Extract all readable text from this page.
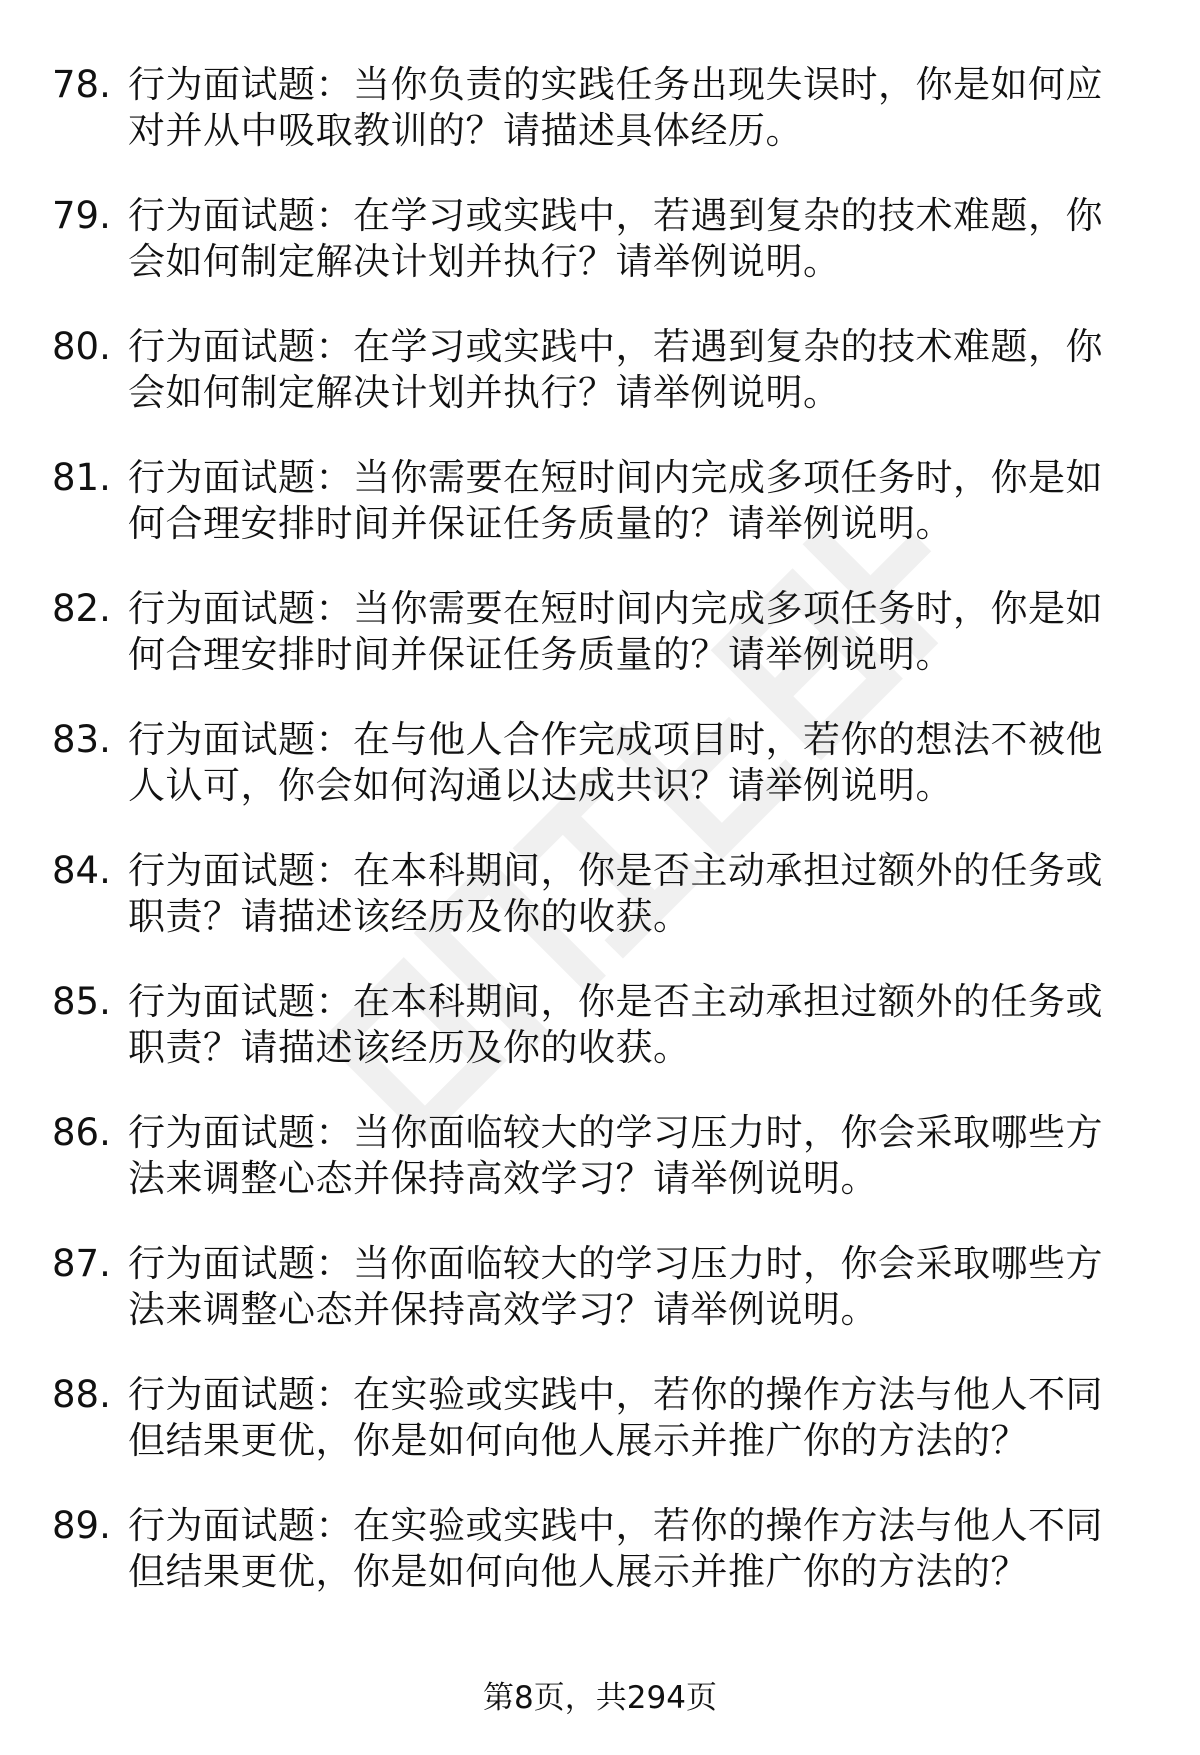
78. 行为面试题：当你负责的实践任务出现失误时，你是如何应对并从中吸取教训的？请描述具体经历。
79. 行为面试题：在学习或实践中，若遇到复杂的技术难题，你会如何制定解决计划并执行？请举例说明。
80. 行为面试题：在学习或实践中，若遇到复杂的技术难题，你会如何制定解决计划并执行？请举例说明。
81. 行为面试题：当你需要在短时间内完成多项任务时，你是如何合理安排时间并保证任务质量的？请举例说明。
82. 行为面试题：当你需要在短时间内完成多项任务时，你是如何合理安排时间并保证任务质量的？请举例说明。
83. 行为面试题：在与他人合作完成项目时，若你的想法不被他人认可，你会如何沟通以达成共识？请举例说明。
84. 行为面试题：在本科期间，你是否主动承担过额外的任务或职责？请描述该经历及你的收获。
85. 行为面试题：在本科期间，你是否主动承担过额外的任务或职责？请描述该经历及你的收获。
86. 行为面试题：当你面临较大的学习压力时，你会采取哪些方法来调整心态并保持高效学习？请举例说明。
87. 行为面试题：当你面临较大的学习压力时，你会采取哪些方法来调整心态并保持高效学习？请举例说明。
88. 行为面试题：在实验或实践中，若你的操作方法与他人不同但结果更优，你是如何向他人展示并推广你的方法的？
89. 行为面试题：在实验或实践中，若你的操作方法与他人不同但结果更优，你是如何向他人展示并推广你的方法的？
第8页，共294页
